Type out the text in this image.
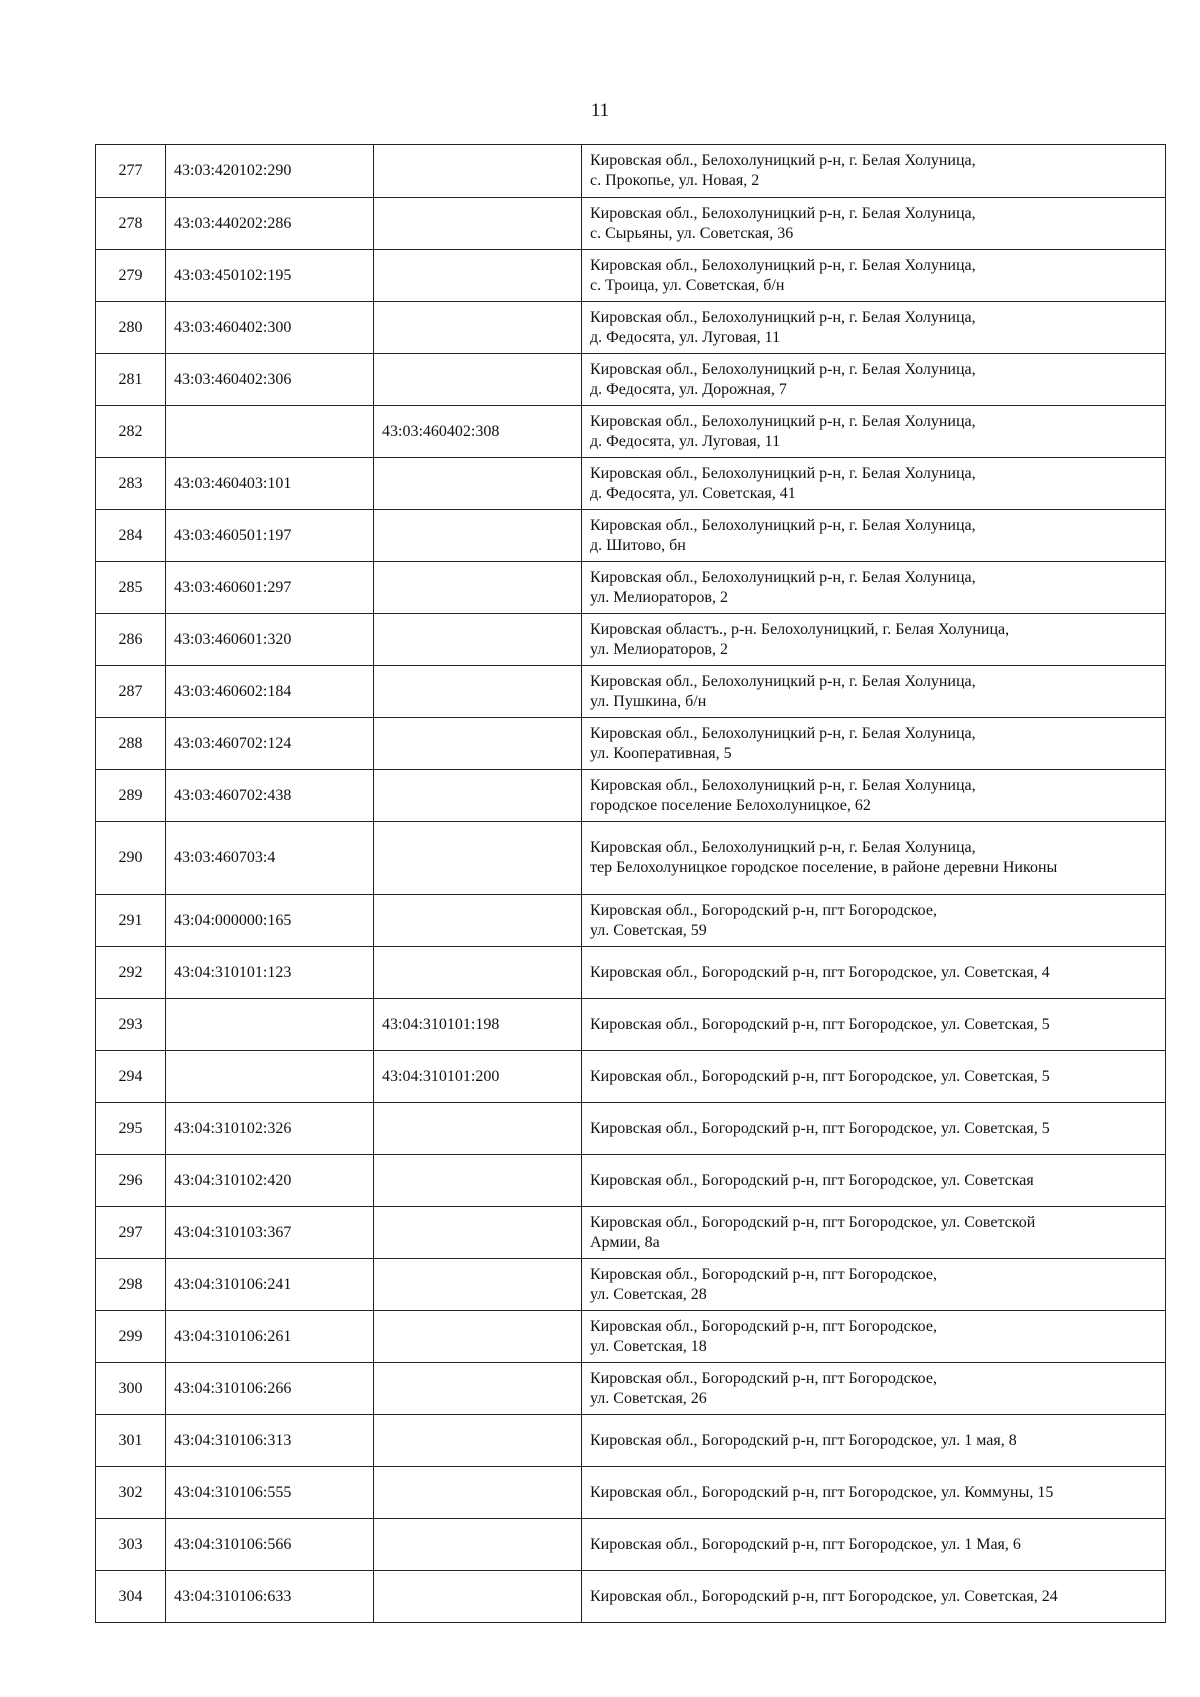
11
277	43:03:420102:290		Кировская обл., Белохолуницкий р-н, г. Белая Холуница,
с. Прокопье, ул. Новая, 2
278	43:03:440202:286		Кировская обл., Белохолуницкий р-н, г. Белая Холуница,
с. Сырьяны, ул. Советская, 36
279	43:03:450102:195		Кировская обл., Белохолуницкий р-н, г. Белая Холуница,
с. Троица, ул. Советская, б/н
280	43:03:460402:300		Кировская обл., Белохолуницкий р-н, г. Белая Холуница,
д. Федосята, ул. Луговая, 11
281	43:03:460402:306		Кировская обл., Белохолуницкий р-н, г. Белая Холуница,
д. Федосята, ул. Дорожная, 7
282		43:03:460402:308	Кировская обл., Белохолуницкий р-н, г. Белая Холуница,
д. Федосята, ул. Луговая, 11
283	43:03:460403:101		Кировская обл., Белохолуницкий р-н, г. Белая Холуница,
д. Федосята, ул. Советская, 41
284	43:03:460501:197		Кировская обл., Белохолуницкий р-н, г. Белая Холуница,
д. Шитово, бн
285	43:03:460601:297		Кировская обл., Белохолуницкий р-н, г. Белая Холуница,
ул. Мелиораторов, 2
286	43:03:460601:320		Кировская областъ., р-н. Белохолуницкий, г. Белая Холуница,
ул. Мелиораторов, 2
287	43:03:460602:184		Кировская обл., Белохолуницкий р-н, г. Белая Холуница,
ул. Пушкина, б/н
288	43:03:460702:124		Кировская обл., Белохолуницкий р-н, г. Белая Холуница,
ул. Кооперативная, 5
289	43:03:460702:438		Кировская обл., Белохолуницкий р-н, г. Белая Холуница,
городское поселение Белохолуницкое, 62
290	43:03:460703:4		Кировская обл., Белохолуницкий р-н, г. Белая Холуница,
тер Белохолуницкое городское поселение, в районе деревни Никоны
291	43:04:000000:165		Кировская обл., Богородский р-н, пгт Богородское,
ул. Советская, 59
292	43:04:310101:123		Кировская обл., Богородский р-н, пгт Богородское, ул. Советская, 4
293		43:04:310101:198	Кировская обл., Богородский р-н, пгт Богородское, ул. Советская, 5
294		43:04:310101:200	Кировская обл., Богородский р-н, пгт Богородское, ул. Советская, 5
295	43:04:310102:326		Кировская обл., Богородский р-н, пгт Богородское, ул. Советская, 5
296	43:04:310102:420		Кировская обл., Богородский р-н, пгт Богородское, ул. Советская
297	43:04:310103:367		Кировская обл., Богородский р-н, пгт Богородское, ул. Советской
Армии, 8а
298	43:04:310106:241		Кировская обл., Богородский р-н, пгт Богородское,
ул. Советская, 28
299	43:04:310106:261		Кировская обл., Богородский р-н, пгт Богородское,
ул. Советская, 18
300	43:04:310106:266		Кировская обл., Богородский р-н, пгт Богородское,
ул. Советская, 26
301	43:04:310106:313		Кировская обл., Богородский р-н, пгт Богородское, ул. 1 мая, 8
302	43:04:310106:555		Кировская обл., Богородский р-н, пгт Богородское, ул. Коммуны, 15
303	43:04:310106:566		Кировская обл., Богородский р-н, пгт Богородское, ул. 1 Мая, 6
304	43:04:310106:633		Кировская обл., Богородский р-н, пгт Богородское, ул. Советская, 24
